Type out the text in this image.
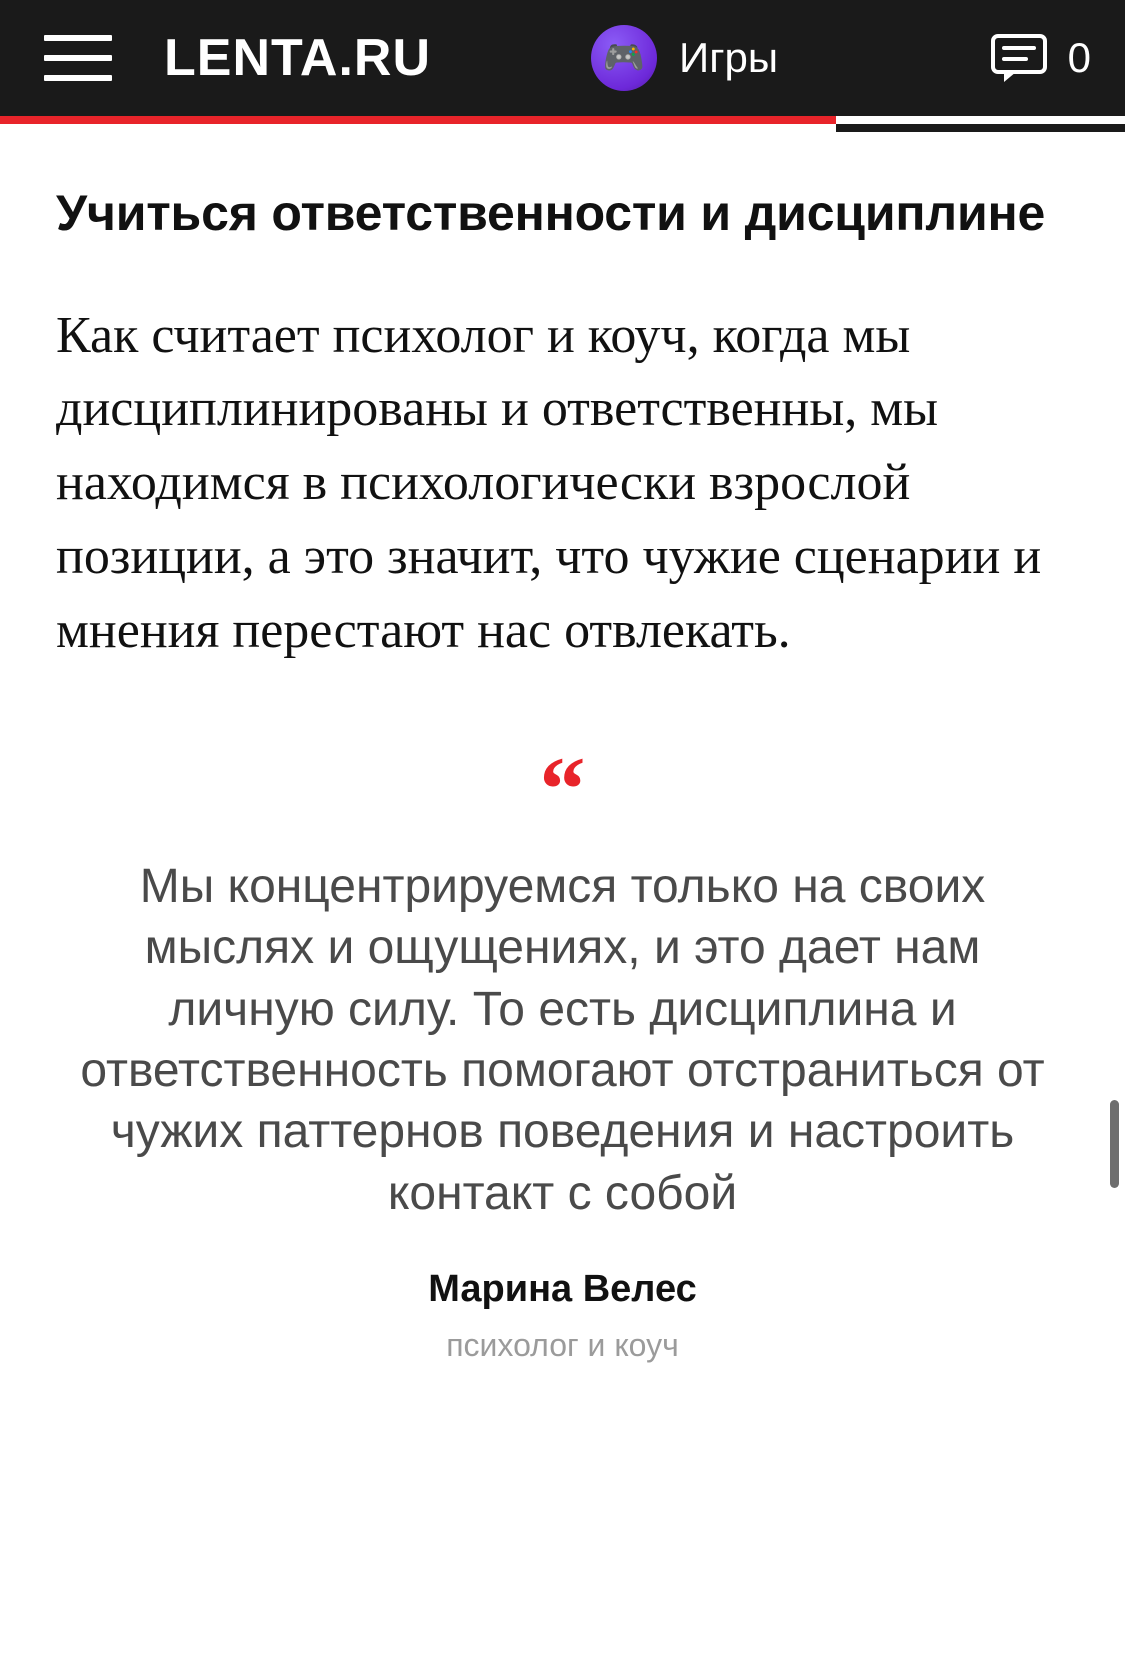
LENTA.RU	🎮 Игры	0
Учиться ответственности и дисциплине

Как считает психолог и коуч, когда мы дисциплинированы и ответственны, мы находимся в психологически взрослой позиции, а это значит, что чужие сценарии и мнения перестают нас отвлекать.

“

Мы концентрируемся только на своих мыслях и ощущениях, и это дает нам личную силу. То есть дисциплина и ответственность помогают отстраниться от чужих паттернов поведения и настроить контакт с собой

Марина Велес

психолог и коуч
